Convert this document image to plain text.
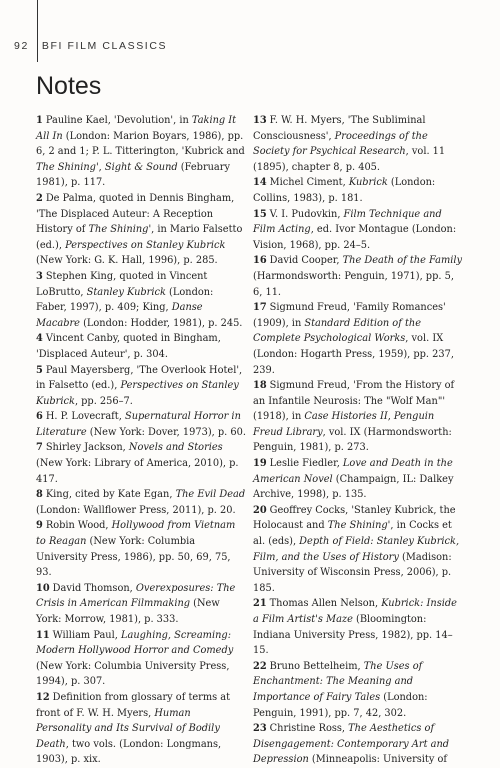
92 BFI FILM CLASSICS
Notes

1 Pauline Kael, 'Devolution', in Taking It All In (London: Marion Boyars, 1986), pp. 6, 2 and 1; P. L. Titterington, 'Kubrick and The Shining', Sight & Sound (February 1981), p. 117.

2 De Palma, quoted in Dennis Bingham, 'The Displaced Auteur: A Reception History of The Shining', in Mario Falsetto (ed.), Perspectives on Stanley Kubrick (New York: G. K. Hall, 1996), p. 285.

3 Stephen King, quoted in Vincent LoBrutto, Stanley Kubrick (London: Faber, 1997), p. 409; King, Danse Macabre (London: Hodder, 1981), p. 245.

4 Vincent Canby, quoted in Bingham, 'Displaced Auteur', p. 304.

5 Paul Mayersberg, 'The Overlook Hotel', in Falsetto (ed.), Perspectives on Stanley Kubrick, pp. 256–7.

6 H. P. Lovecraft, Supernatural Horror in Literature (New York: Dover, 1973), p. 60.

7 Shirley Jackson, Novels and Stories (New York: Library of America, 2010), p. 417.

8 King, cited by Kate Egan, The Evil Dead (London: Wallflower Press, 2011), p. 20.

9 Robin Wood, Hollywood from Vietnam to Reagan (New York: Columbia University Press, 1986), pp. 50, 69, 75, 93.

10 David Thomson, Overexposures: The Crisis in American Filmmaking (New York: Morrow, 1981), p. 333.

11 William Paul, Laughing, Screaming: Modern Hollywood Horror and Comedy (New York: Columbia University Press, 1994), p. 307.

12 Definition from glossary of terms at front of F. W. H. Myers, Human Personality and Its Survival of Bodily Death, two vols. (London: Longmans, 1903), p. xix.

13 F. W. H. Myers, 'The Subliminal Consciousness', Proceedings of the Society for Psychical Research, vol. 11 (1895), chapter 8, p. 405.

14 Michel Ciment, Kubrick (London: Collins, 1983), p. 181.

15 V. I. Pudovkin, Film Technique and Film Acting, ed. Ivor Montague (London: Vision, 1968), pp. 24–5.

16 David Cooper, The Death of the Family (Harmondsworth: Penguin, 1971), pp. 5, 6, 11.

17 Sigmund Freud, 'Family Romances' (1909), in Standard Edition of the Complete Psychological Works, vol. IX (London: Hogarth Press, 1959), pp. 237, 239.

18 Sigmund Freud, 'From the History of an Infantile Neurosis: The "Wolf Man"' (1918), in Case Histories II, Penguin Freud Library, vol. IX (Harmondsworth: Penguin, 1981), p. 273.

19 Leslie Fiedler, Love and Death in the American Novel (Champaign, IL: Dalkey Archive, 1998), p. 135.

20 Geoffrey Cocks, 'Stanley Kubrick, the Holocaust and The Shining', in Cocks et al. (eds), Depth of Field: Stanley Kubrick, Film, and the Uses of History (Madison: University of Wisconsin Press, 2006), p. 185.

21 Thomas Allen Nelson, Kubrick: Inside a Film Artist's Maze (Bloomington: Indiana University Press, 1982), pp. 14–15.

22 Bruno Bettelheim, The Uses of Enchantment: The Meaning and Importance of Fairy Tales (London: Penguin, 1991), pp. 7, 42, 302.

23 Christine Ross, The Aesthetics of Disengagement: Contemporary Art and Depression (Minneapolis: University of
